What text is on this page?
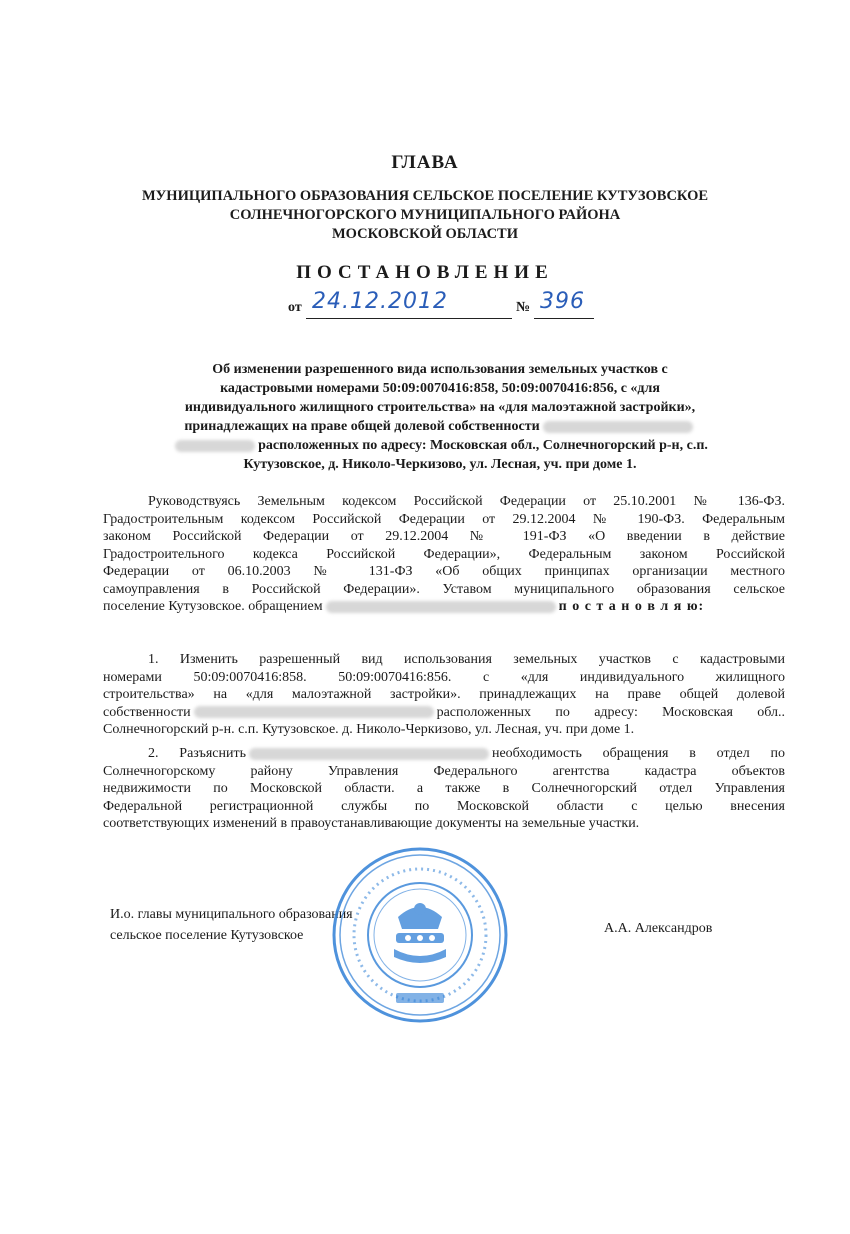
ГЛАВА
МУНИЦИПАЛЬНОГО ОБРАЗОВАНИЯ СЕЛЬСКОЕ ПОСЕЛЕНИЕ КУТУЗОВСКОЕ
СОЛНЕЧНОГОРСКОГО МУНИЦИПАЛЬНОГО РАЙОНА
МОСКОВСКОЙ ОБЛАСТИ
ПОСТАНОВЛЕНИЕ
от 24.12.2012	№ 396
Об изменении разрешенного вида использования земельных участков с
кадастровыми номерами 50:09:0070416:858, 50:09:0070416:856, с «для
индивидуального жилищного строительства» на «для малоэтажной застройки»,
принадлежащих на праве общей долевой собственности
расположенных по адресу: Московская обл., Солнечногорский р-н, с.п.
Кутузовское, д. Николо-Черкизово, ул. Лесная, уч. при доме 1.
Руководствуясь Земельным кодексом Российской Федерации от 25.10.2001 № 136-ФЗ.
Градостроительным кодексом Российской Федерации от 29.12.2004 № 190-ФЗ. Федеральным
законом Российской Федерации от 29.12.2004 № 191-ФЗ «О введении в действие
Градостроительного кодекса Российской Федерации», Федеральным законом Российской
Федерации от 06.10.2003 № 131-ФЗ «Об общих принципах организации местного
самоуправления в Российской Федерации». Уставом муниципального образования сельское
поселение Кутузовское. обращением	п о с т а н о в л я ю:
1. Изменить разрешенный вид использования земельных участков с кадастровыми
номерами 50:09:0070416:858. 50:09:0070416:856. с «для индивидуального жилищного
строительства» на «для малоэтажной застройки». принадлежащих на праве общей долевой
собственности	расположенных по адресу: Московская обл..
Солнечногорский р-н. с.п. Кутузовское. д. Николо-Черкизово, ул. Лесная, уч. при доме 1.
2. Разъяснить	необходимость обращения в отдел по
Солнечногорскому району Управления Федерального агентства кадастра объектов
недвижимости по Московской области. а также в Солнечногорский отдел Управления
Федеральной регистрационной службы по Московской области с целью внесения
соответствующих изменений в правоустанавливающие документы на земельные участки.
И.о. главы муниципального образования
сельское поселение Кутузовское	А.А. Александров
